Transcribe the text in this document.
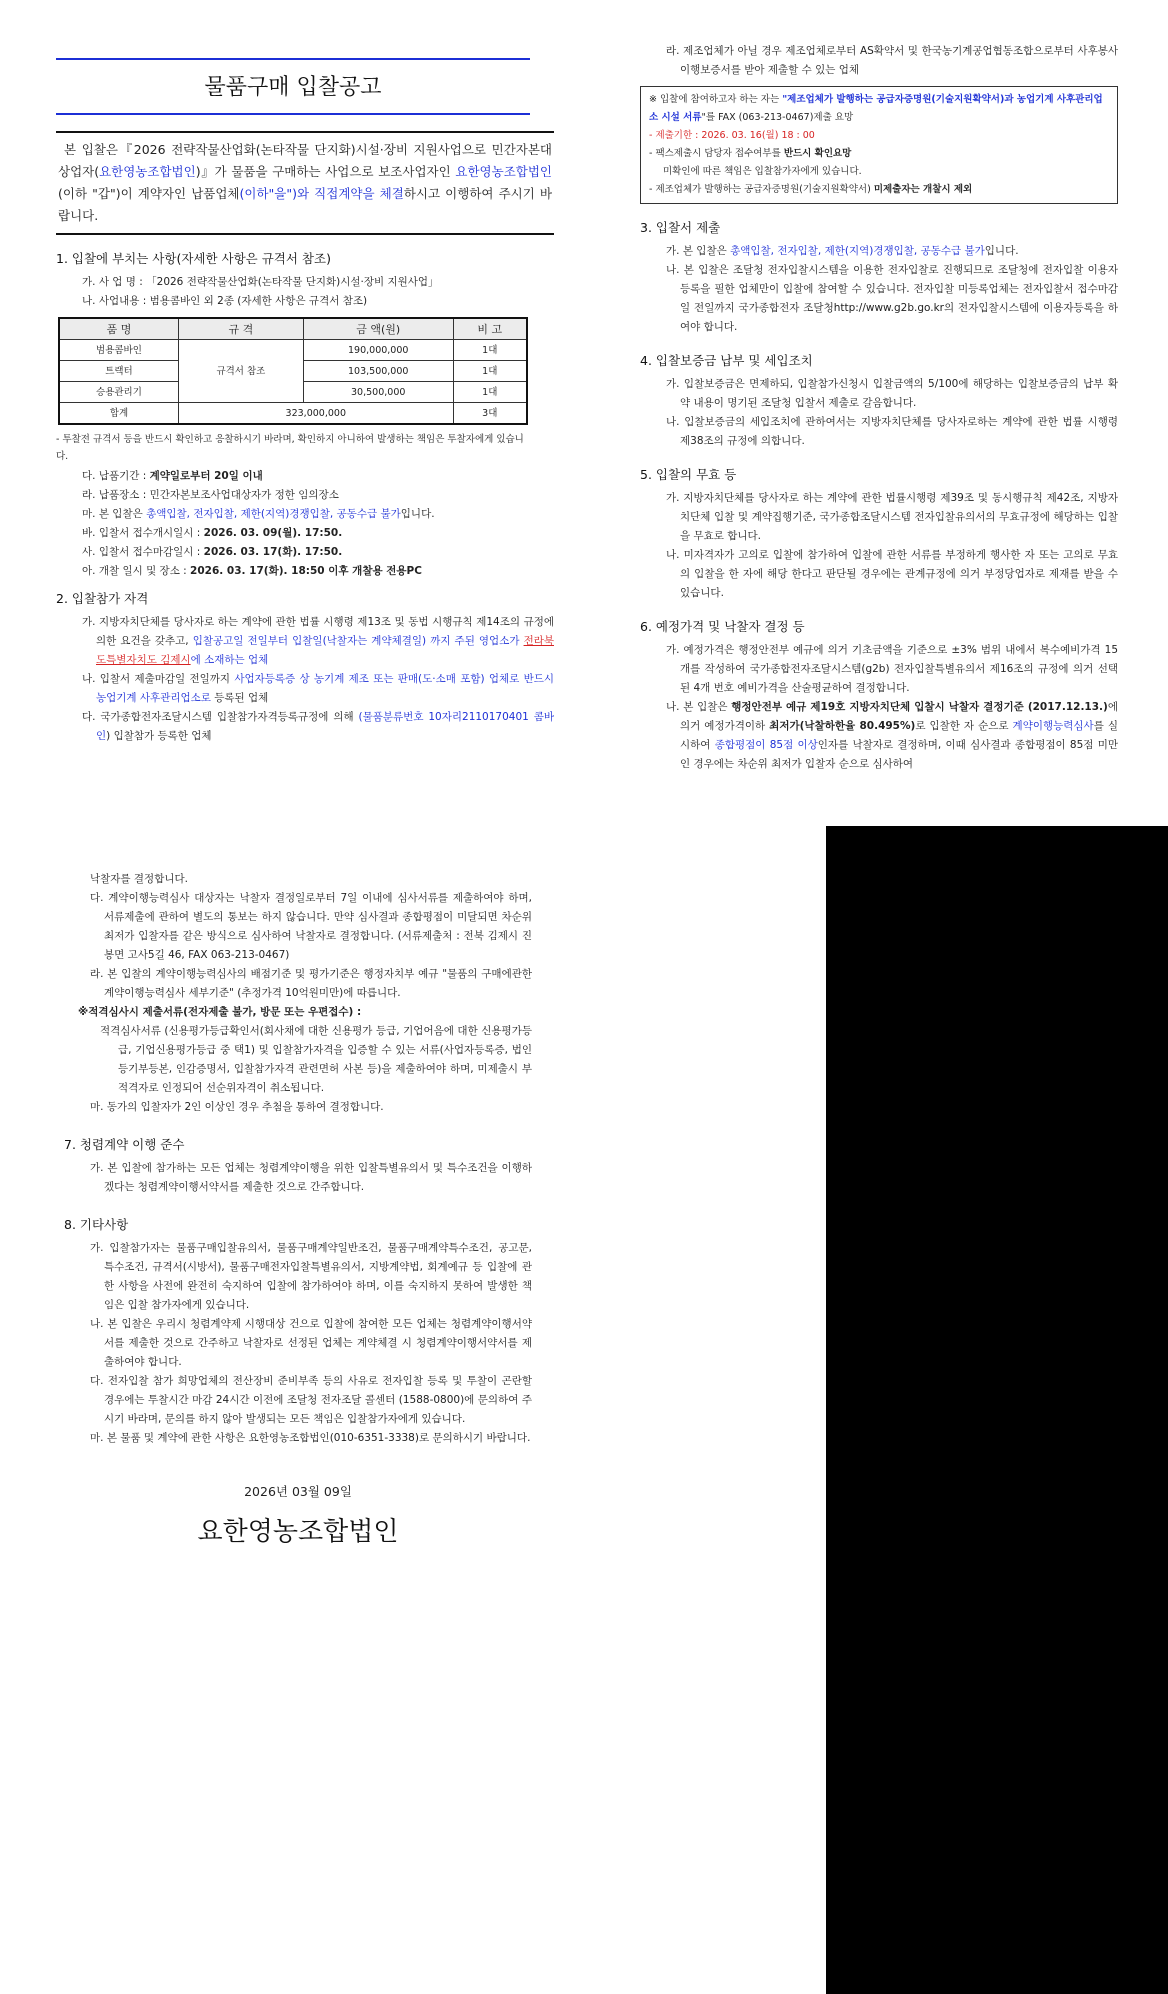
물품구매 입찰공고
본 입찰은『2026 전략작물산업화(논타작물 단지화)시설·장비 지원사업으로 민간자본대상업자(요한영농조합법인)』가 물품을 구매하는 사업으로 보조사업자인 요한영농조합법인(이하 "갑")이 계약자인 납품업체(이하"을")와 직접계약을 체결하시고 이행하여 주시기 바랍니다.
1. 입찰에 부치는 사항(자세한 사항은 규격서 참조)
가. 사 업 명 : 「2026 전략작물산업화(논타작물 단지화)시설·장비 지원사업」
나. 사업내용 : 범용콤바인 외 2종 (자세한 사항은 규격서 참조)
품 명	규 격	금 액(원)	비 고
범용콤바인	규격서 참조	190,000,000	1대
트랙터		103,500,000	1대
승용관리기		30,500,000	1대
합계	323,000,000		3대
- 투찰전 규격서 등을 반드시 확인하고 응찰하시기 바라며, 확인하지 아니하여 발생하는 책임은 투찰자에게 있습니다.
다. 납품기간 : 계약일로부터 20일 이내
라. 납품장소 : 민간자본보조사업대상자가 정한 임의장소
마. 본 입찰은 총액입찰, 전자입찰, 제한(지역)경쟁입찰, 공동수급 불가입니다.
바. 입찰서 접수개시일시 : 2026. 03. 09(월). 17:50.
사. 입찰서 접수마감일시 : 2026. 03. 17(화). 17:50.
아. 개찰 일시 및 장소 : 2026. 03. 17(화). 18:50 이후 개찰용 전용PC
2. 입찰참가 자격
가. 지방자치단체를 당사자로 하는 계약에 관한 법률 시행령 제13조 및 동법 시행규칙 제14조의 규정에 의한 요건을 갖추고, 입찰공고일 전일부터 입찰일(낙찰자는 계약체결일) 까지 주된 영업소가 전라북도특별자치도 김제시에 소재하는 업체
나. 입찰서 제출마감일 전일까지 사업자등록증 상 농기계 제조 또는 판매(도·소매 포함) 업체로 반드시 농업기계 사후관리업소로 등록된 업체
다. 국가종합전자조달시스템 입찰참가자격등록규정에 의해 (물품분류번호 10자리2110170401 콤바인) 입찰참가 등록한 업체
라. 제조업체가 아닐 경우 제조업체로부터 AS확약서 및 한국농기계공업협동조합으로부터 사후봉사이행보증서를 받아 제출할 수 있는 업체
※ 입찰에 참여하고자 하는 자는 "제조업체가 발행하는 공급자증명원(기술지원확약서)과 농업기계 사후관리업소 시설 서류"를 FAX (063-213-0467)제출 요망
- 제출기한 : 2026. 03. 16(월) 18 : 00
- 팩스제출시 담당자 접수여부를 반드시 확인요망
미확인에 따른 책임은 입찰참가자에게 있습니다.
- 제조업체가 발행하는 공급자증명원(기술지원확약서) 미제출자는 개찰시 제외
3. 입찰서 제출
가. 본 입찰은 총액입찰, 전자입찰, 제한(지역)경쟁입찰, 공동수급 불가입니다.
나. 본 입찰은 조달청 전자입찰시스템을 이용한 전자입찰로 진행되므로 조달청에 전자입찰 이용자등록을 필한 업체만이 입찰에 참여할 수 있습니다. 전자입찰 미등록업체는 전자입찰서 접수마감일 전일까지 국가종합전자 조달청http://www.g2b.go.kr의 전자입찰시스템에 이용자등록을 하여야 합니다.
4. 입찰보증금 납부 및 세입조치
가. 입찰보증금은 면제하되, 입찰참가신청시 입찰금액의 5/100에 해당하는 입찰보증금의 납부 확약 내용이 명기된 조달청 입찰서 제출로 갈음합니다.
나. 입찰보증금의 세입조치에 관하여서는 지방자치단체를 당사자로하는 계약에 관한 법률 시행령 제38조의 규정에 의합니다.
5. 입찰의 무효 등
가. 지방자치단체를 당사자로 하는 계약에 관한 법률시행령 제39조 및 동시행규칙 제42조, 지방자치단체 입찰 및 계약집행기준, 국가종합조달시스템 전자입찰유의서의 무효규정에 해당하는 입찰을 무효로 합니다.
나. 미자격자가 고의로 입찰에 참가하여 입찰에 관한 서류를 부정하게 행사한 자 또는 고의로 무효의 입찰을 한 자에 해당 한다고 판단될 경우에는 관계규정에 의거 부정당업자로 제재를 받을 수 있습니다.
6. 예정가격 및 낙찰자 결정 등
가. 예정가격은 행정안전부 예규에 의거 기초금액을 기준으로 ±3% 범위 내에서 복수예비가격 15개를 작성하여 국가종합전자조달시스템(g2b) 전자입찰특별유의서 제16조의 규정에 의거 선택된 4개 번호 예비가격을 산술평균하여 결정합니다.
나. 본 입찰은 행정안전부 예규 제19호 지방자치단체 입찰시 낙찰자 결정기준 (2017.12.13.)에 의거 예정가격이하 최저가(낙찰하한율 80.495%)로 입찰한 자 순으로 계약이행능력심사를 실시하여 종합평점이 85점 이상인자를 낙찰자로 결정하며, 이때 심사결과 종합평점이 85점 미만인 경우에는 차순위 최저가 입찰자 순으로 심사하여
낙찰자를 결정합니다.
다. 계약이행능력심사 대상자는 낙찰자 결정일로부터 7일 이내에 심사서류를 제출하여야 하며, 서류제출에 관하여 별도의 통보는 하지 않습니다. 만약 심사결과 종합평점이 미달되면 차순위 최저가 입찰자를 같은 방식으로 심사하여 낙찰자로 결정합니다. (서류제출처 : 전북 김제시 진봉면 고사5길 46, FAX 063-213-0467)
라. 본 입찰의 계약이행능력심사의 배점기준 및 평가기준은 행정자치부 예규 "물품의 구매에관한 계약이행능력심사 세부기준" (추정가격 10억원미만)에 따릅니다.
※적격심사시 제출서류(전자제출 불가, 방문 또는 우편접수) :
적격심사서류 (신용평가등급확인서(회사채에 대한 신용평가 등급, 기업어음에 대한 신용평가등급, 기업신용평가등급 중 택1) 및 입찰참가자격을 입증할 수 있는 서류(사업자등록증, 법인등기부등본, 인감증명서, 입찰참가자격 관련면허 사본 등)을 제출하여야 하며, 미제출시 부적격자로 인정되어 선순위자격이 취소됩니다.
마. 동가의 입찰자가 2인 이상인 경우 추첨을 통하여 결정합니다.
7. 청렴계약 이행 준수
가. 본 입찰에 참가하는 모든 업체는 청렴계약이행을 위한 입찰특별유의서 및 특수조건을 이행하겠다는 청렴계약이행서약서를 제출한 것으로 간주합니다.
8. 기타사항
가. 입찰참가자는 물품구매입찰유의서, 물품구매계약일반조건, 물품구매계약특수조건, 공고문, 특수조건, 규격서(시방서), 물품구매전자입찰특별유의서, 지방계약법, 회계예규 등 입찰에 관한 사항을 사전에 완전히 숙지하여 입찰에 참가하여야 하며, 이를 숙지하지 못하여 발생한 책임은 입찰 참가자에게 있습니다.
나. 본 입찰은 우리시 청렴계약제 시행대상 건으로 입찰에 참여한 모든 업체는 청렴계약이행서약서를 제출한 것으로 간주하고 낙찰자로 선정된 업체는 계약체결 시 청렴계약이행서약서를 제출하여야 합니다.
다. 전자입찰 참가 희망업체의 전산장비 준비부족 등의 사유로 전자입찰 등록 및 투찰이 곤란할 경우에는 투찰시간 마감 24시간 이전에 조달청 전자조달 콜센터 (1588-0800)에 문의하여 주시기 바라며, 문의를 하지 않아 발생되는 모든 책임은 입찰참가자에게 있습니다.
마. 본 물품 및 계약에 관한 사항은 요한영농조합법인(010-6351-3338)로 문의하시기 바랍니다.
2026년 03월 09일
요한영농조합법인
